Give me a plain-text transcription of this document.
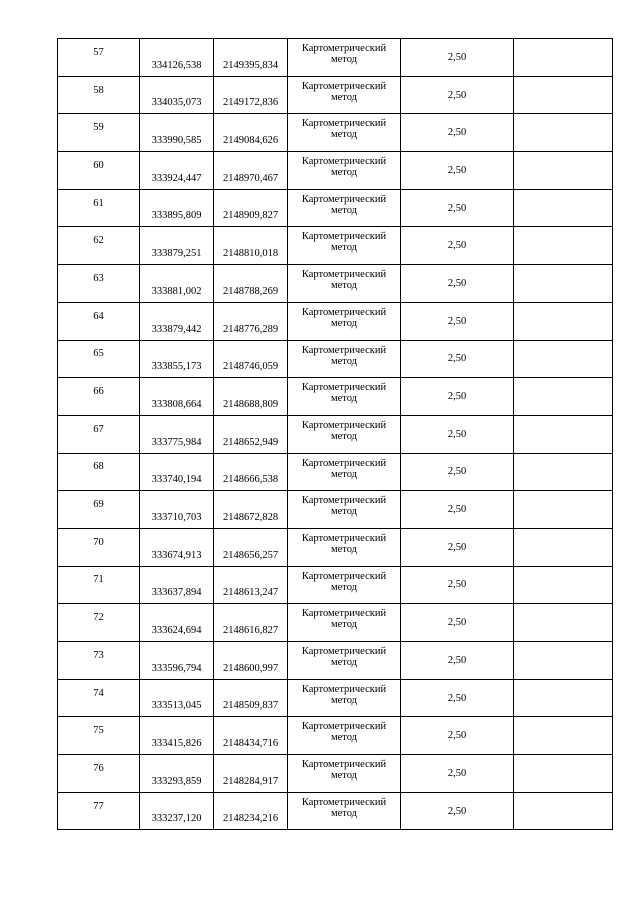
57	334126,538	2149395,834	Картометрический метод	2,50	
58	334035,073	2149172,836	Картометрический метод	2,50	
59	333990,585	2149084,626	Картометрический метод	2,50	
60	333924,447	2148970,467	Картометрический метод	2,50	
61	333895,809	2148909,827	Картометрический метод	2,50	
62	333879,251	2148810,018	Картометрический метод	2,50	
63	333881,002	2148788,269	Картометрический метод	2,50	
64	333879,442	2148776,289	Картометрический метод	2,50	
65	333855,173	2148746,059	Картометрический метод	2,50	
66	333808,664	2148688,809	Картометрический метод	2,50	
67	333775,984	2148652,949	Картометрический метод	2,50	
68	333740,194	2148666,538	Картометрический метод	2,50	
69	333710,703	2148672,828	Картометрический метод	2,50	
70	333674,913	2148656,257	Картометрический метод	2,50	
71	333637,894	2148613,247	Картометрический метод	2,50	
72	333624,694	2148616,827	Картометрический метод	2,50	
73	333596,794	2148600,997	Картометрический метод	2,50	
74	333513,045	2148509,837	Картометрический метод	2,50	
75	333415,826	2148434,716	Картометрический метод	2,50	
76	333293,859	2148284,917	Картометрический метод	2,50	
77	333237,120	2148234,216	Картометрический метод	2,50	
